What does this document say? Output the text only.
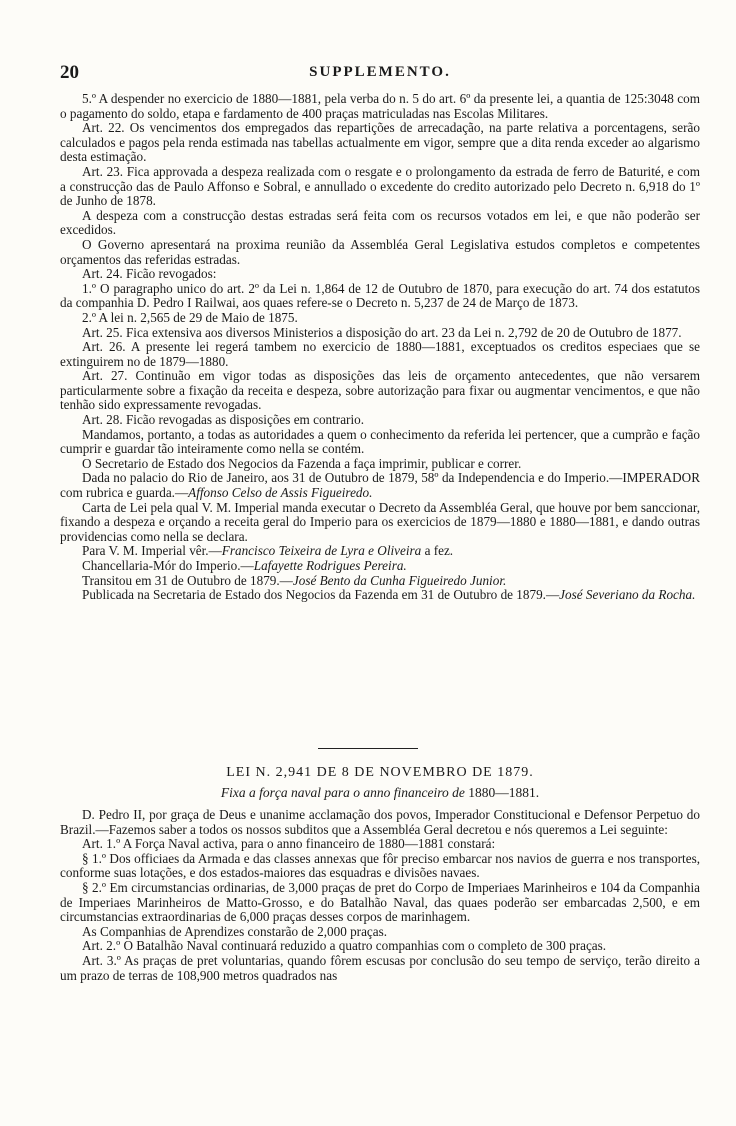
20	SUPPLEMENTO.

5.º A despender no exercicio de 1880—1881, pela verba do n. 5 do art. 6º da presente lei, a quantia de 125:3048 com o pagamento do soldo, etapa e fardamento de 400 praças matriculadas nas Escolas Militares.

Art. 22. Os vencimentos dos empregados das repartições de arrecadação, na parte relativa a porcentagens, serão calculados e pagos pela renda estimada nas tabellas actualmente em vigor, sempre que a dita renda exceder ao algarismo desta estimação.

Art. 23. Fica approvada a despeza realizada com o resgate e o prolongamento da estrada de ferro de Baturité, e com a construcção das de Paulo Affonso e Sobral, e annullado o excedente do credito autorizado pelo Decreto n. 6,918 do 1º de Junho de 1878.

A despeza com a construcção destas estradas será feita com os recursos votados em lei, e que não poderão ser excedidos.

O Governo apresentará na proxima reunião da Assembléa Geral Legislativa estudos completos e competentes orçamentos das referidas estradas.

Art. 24. Ficão revogados:

1.º O paragrapho unico do art. 2º da Lei n. 1,864 de 12 de Outubro de 1870, para execução do art. 74 dos estatutos da companhia D. Pedro I Railwai, aos quaes refere-se o Decreto n. 5,237 de 24 de Março de 1873.

2.º A lei n. 2,565 de 29 de Maio de 1875.

Art. 25. Fica extensiva aos diversos Ministerios a disposição do art. 23 da Lei n. 2,792 de 20 de Outubro de 1877.

Art. 26. A presente lei regerá tambem no exercicio de 1880—1881, exceptuados os creditos especiaes que se extinguirem no de 1879—1880.

Art. 27. Continuão em vigor todas as disposições das leis de orçamento antecedentes, que não versarem particularmente sobre a fixação da receita e despeza, sobre autorização para fixar ou augmentar vencimentos, e que não tenhão sido expressamente revogadas.

Art. 28. Ficão revogadas as disposições em contrario.

Mandamos, portanto, a todas as autoridades a quem o conhecimento da referida lei pertencer, que a cumprão e fação cumprir e guardar tão inteiramente como nella se contém.

O Secretario de Estado dos Negocios da Fazenda a faça imprimir, publicar e correr.

Dada no palacio do Rio de Janeiro, aos 31 de Outubro de 1879, 58º da Independencia e do Imperio.—IMPERADOR com rubrica e guarda.—Affonso Celso de Assis Figueiredo.

Carta de Lei pela qual V. M. Imperial manda executar o Decreto da Assembléa Geral, que houve por bem sanccionar, fixando a despeza e orçando a receita geral do Imperio para os exercicios de 1879—1880 e 1880—1881, e dando outras providencias como nella se declara.

Para V. M. Imperial vêr.—Francisco Teixeira de Lyra e Oliveira a fez.

Chancellaria-Mór do Imperio.—Lafayette Rodrigues Pereira.

Transitou em 31 de Outubro de 1879.—José Bento da Cunha Figueiredo Junior.

Publicada na Secretaria de Estado dos Negocios da Fazenda em 31 de Outubro de 1879.—José Severiano da Rocha.

LEI N. 2,941 DE 8 DE NOVEMBRO DE 1879.
Fixa a força naval para o anno financeiro de 1880—1881.

D. Pedro II, por graça de Deus e unanime acclamação dos povos, Imperador Constitucional e Defensor Perpetuo do Brazil.—Fazemos saber a todos os nossos subditos que a Assembléa Geral decretou e nós queremos a Lei seguinte:

Art. 1.º A Força Naval activa, para o anno financeiro de 1880—1881 constará:

§ 1.º Dos officiaes da Armada e das classes annexas que fôr preciso embarcar nos navios de guerra e nos transportes, conforme suas lotações, e dos estados-maiores das esquadras e divisões navaes.

§ 2.º Em circumstancias ordinarias, de 3,000 praças de pret do Corpo de Imperiaes Marinheiros e 104 da Companhia de Imperiaes Marinheiros de Matto-Grosso, e do Batalhão Naval, das quaes poderão ser embarcadas 2,500, e em circumstancias extraordinarias de 6,000 praças desses corpos de marinhagem.

As Companhias de Aprendizes constarão de 2,000 praças.

Art. 2.º O Batalhão Naval continuará reduzido a quatro companhias com o completo de 300 praças.

Art. 3.º As praças de pret voluntarias, quando fôrem escusas por conclusão do seu tempo de serviço, terão direito a um prazo de terras de 108,900 metros quadrados nas
